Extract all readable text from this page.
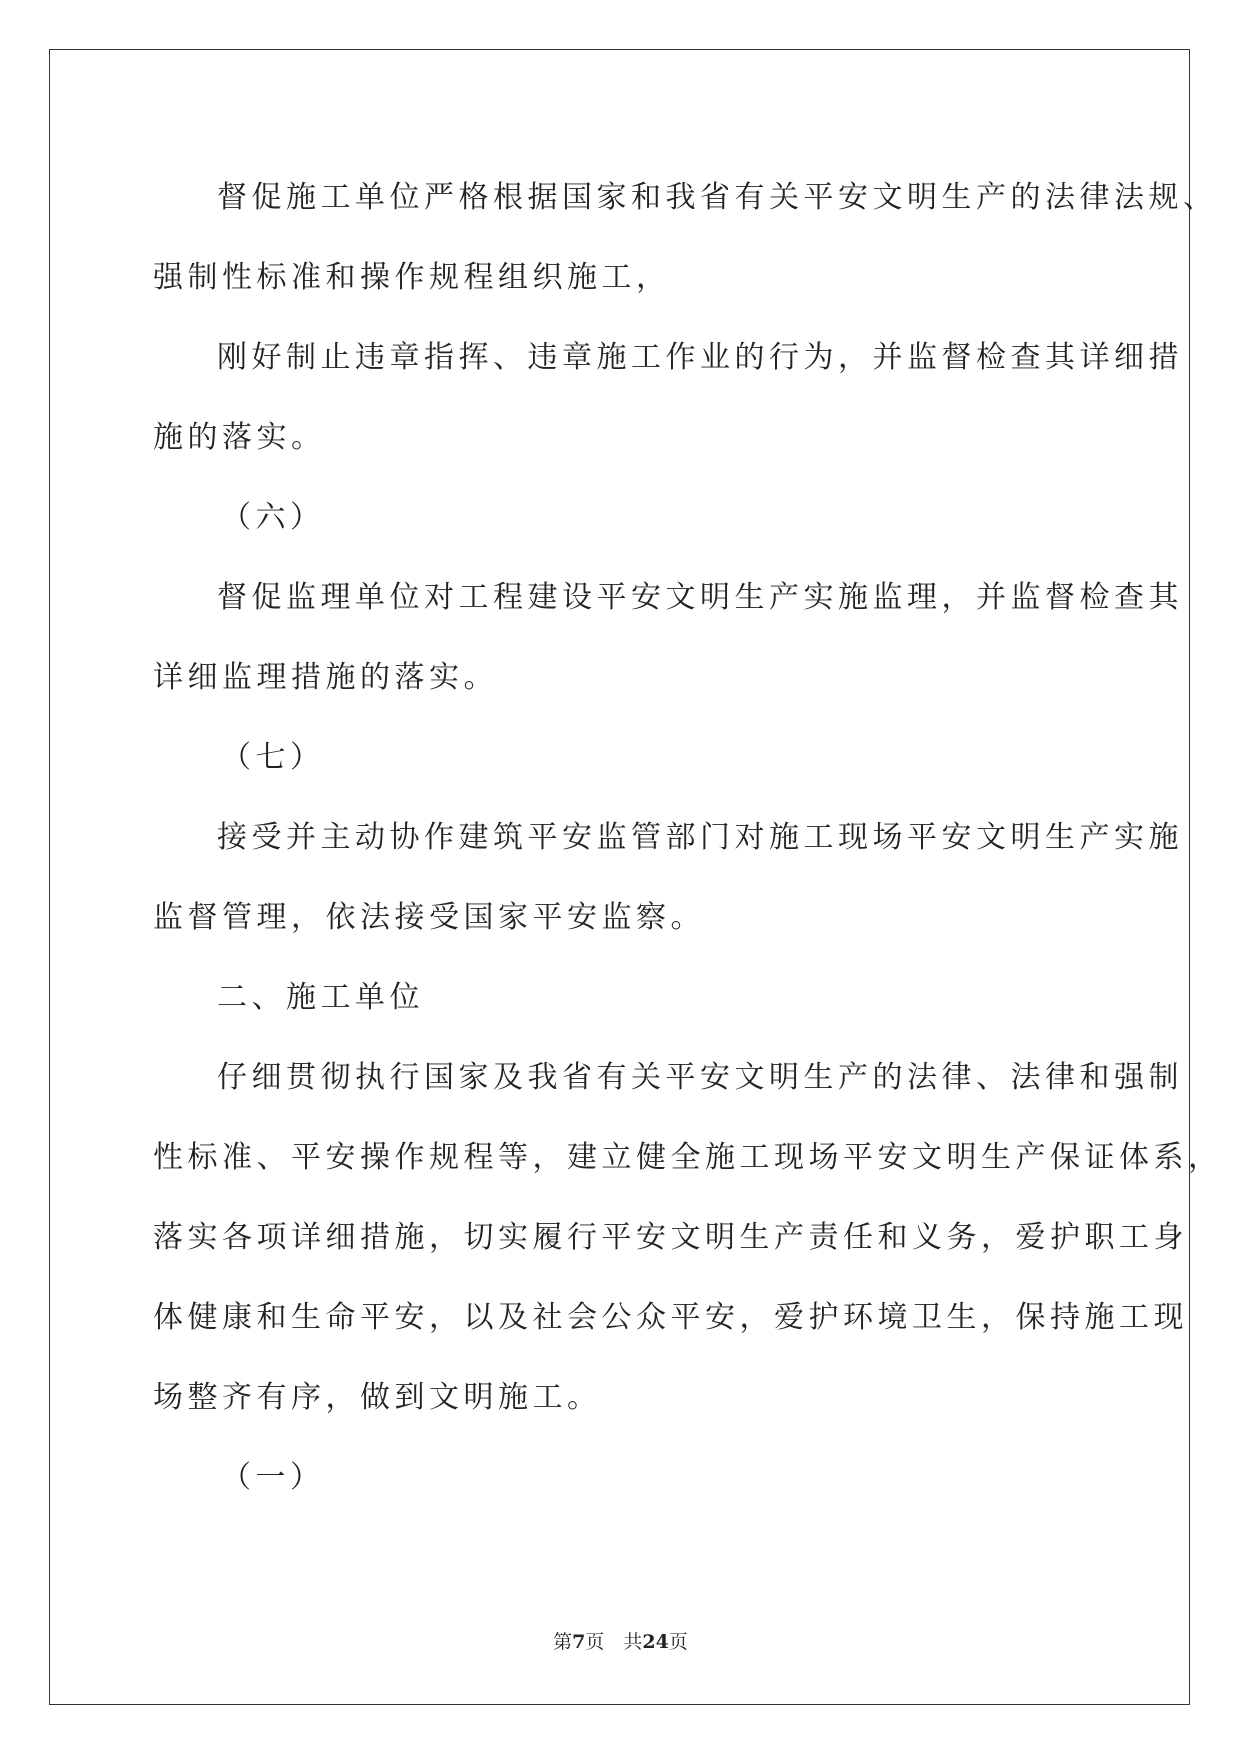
督促施工单位严格根据国家和我省有关平安文明生产的法律法规、
强制性标准和操作规程组织施工，
刚好制止违章指挥、违章施工作业的行为，并监督检查其详细措
施的落实。
（六）
督促监理单位对工程建设平安文明生产实施监理，并监督检查其
详细监理措施的落实。
（七）
接受并主动协作建筑平安监管部门对施工现场平安文明生产实施
监督管理，依法接受国家平安监察。
二、施工单位
仔细贯彻执行国家及我省有关平安文明生产的法律、法律和强制
性标准、平安操作规程等，建立健全施工现场平安文明生产保证体系，
落实各项详细措施，切实履行平安文明生产责任和义务，爱护职工身
体健康和生命平安，以及社会公众平安，爱护环境卫生，保持施工现
场整齐有序，做到文明施工。
（一）
第7页　共24页
